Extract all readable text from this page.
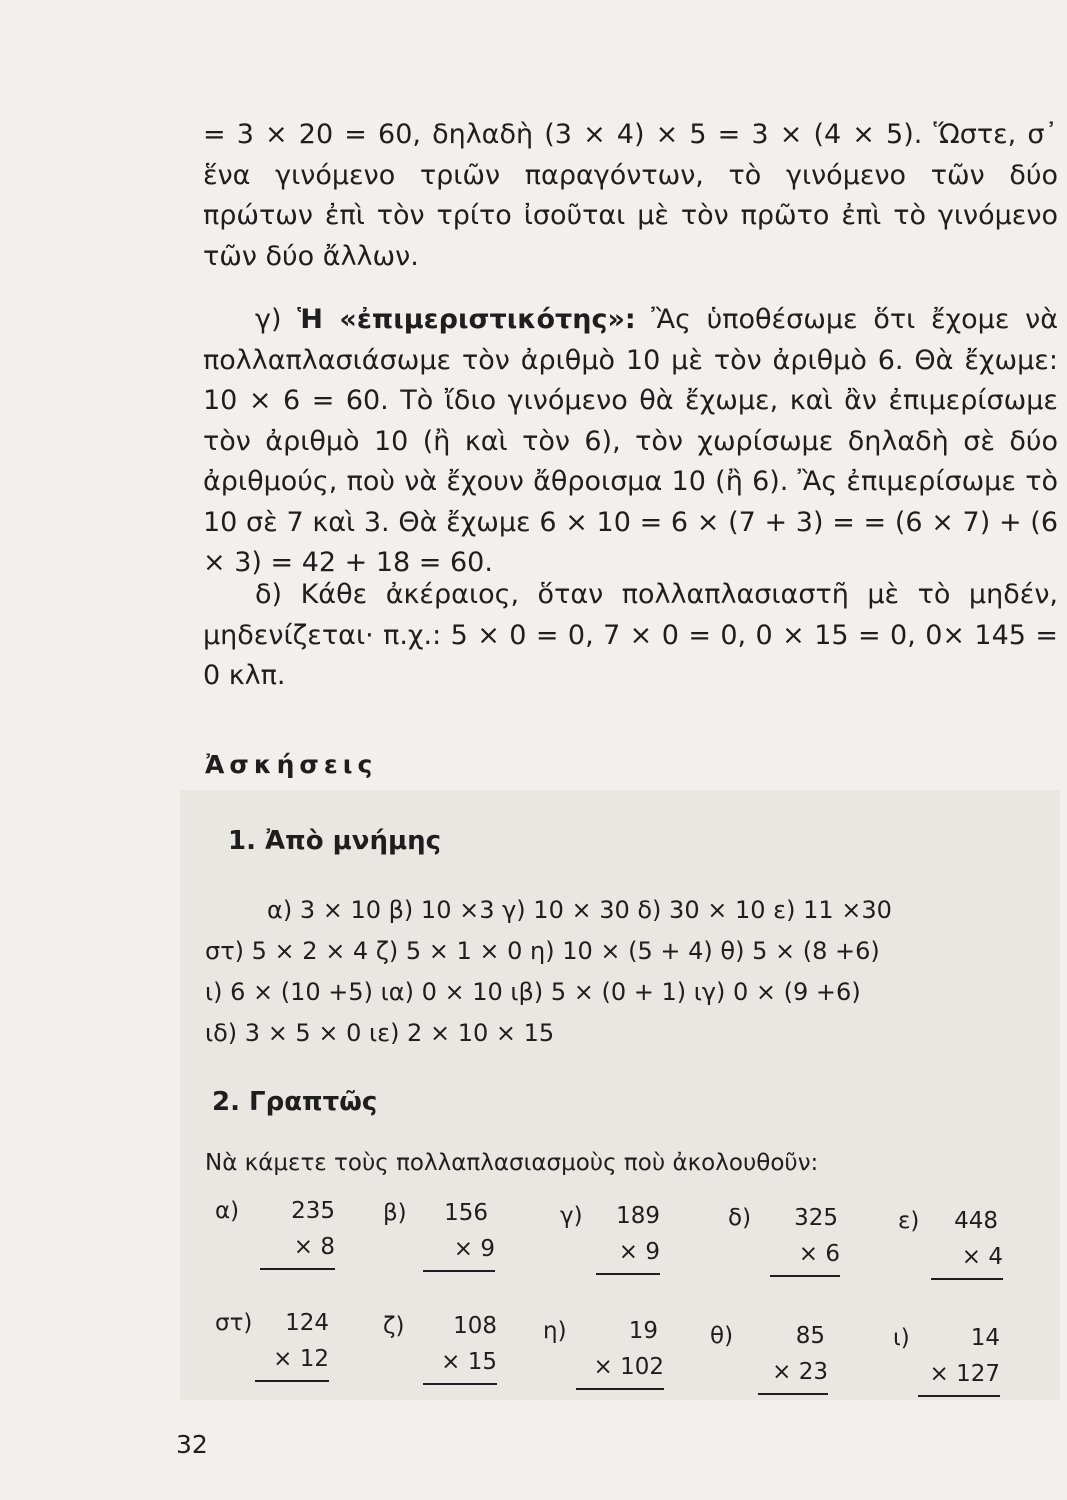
= 3 × 20 = 60, δηλαδὴ (3 × 4) × 5 = 3 × (4 × 5). Ὥστε, σ᾽ ἕνα γινόμενο τριῶν παραγόντων, τὸ γινόμενο τῶν δύο πρώτων ἐπὶ τὸν τρίτο ἰσοῦται μὲ τὸν πρῶτο ἐπὶ τὸ γινόμενο τῶν δύο ἄλλων.

γ) Ἡ «ἐπιμεριστικότης»: Ἂς ὑποθέσωμε ὅτι ἔχομε νὰ πολλαπλασιάσωμε τὸν ἀριθμὸ 10 μὲ τὸν ἀριθμὸ 6. Θὰ ἔχωμε: 10 × 6 = 60. Τὸ ἴδιο γινόμενο θὰ ἔχωμε, καὶ ἂν ἐπιμερίσωμε τὸν ἀριθμὸ 10 (ἢ καὶ τὸν 6), τὸν χωρίσωμε δηλαδὴ σὲ δύο ἀριθμούς, ποὺ νὰ ἔχουν ἄθροισμα 10 (ἢ 6). Ἂς ἐπιμερίσωμε τὸ 10 σὲ 7 καὶ 3. Θὰ ἔχωμε 6 × 10 = 6 × (7 + 3) = = (6 × 7) + (6 × 3) = 42 + 18 = 60.

δ) Κάθε ἀκέραιος, ὅταν πολλαπλασιαστῆ μὲ τὸ μηδέν, μηδενίζεται· π.χ.: 5 × 0 = 0, 7 × 0 = 0, 0 × 15 = 0, 0× 145 = 0 κλπ.

Ἀσκήσεις
1. Ἀπὸ μνήμης
α) 3 × 10 β) 10 ×3 γ) 10 × 30 δ) 30 × 10 ε) 11 ×30
στ) 5 × 2 × 4 ζ) 5 × 1 × 0 η) 10 × (5 + 4) θ) 5 × (8 +6)
ι) 6 × (10 +5) ια) 0 × 10 ιβ) 5 × (0 + 1) ιγ) 0 × (9 +6)
ιδ) 3 × 5 × 0 ιε) 2 × 10 × 15
2. Γραπτῶς
Νὰ κάμετε τοὺς πολλαπλασιασμοὺς ποὺ ἀκολουθοῦν:
α)	235
× 8
β)	156
× 9
γ)	189
× 9
δ)	325
× 6
ε)	448
× 4
στ)	124
× 12
ζ)	108
× 15
η)	19
× 102
θ)	85
× 23
ι)	14
× 127
32
